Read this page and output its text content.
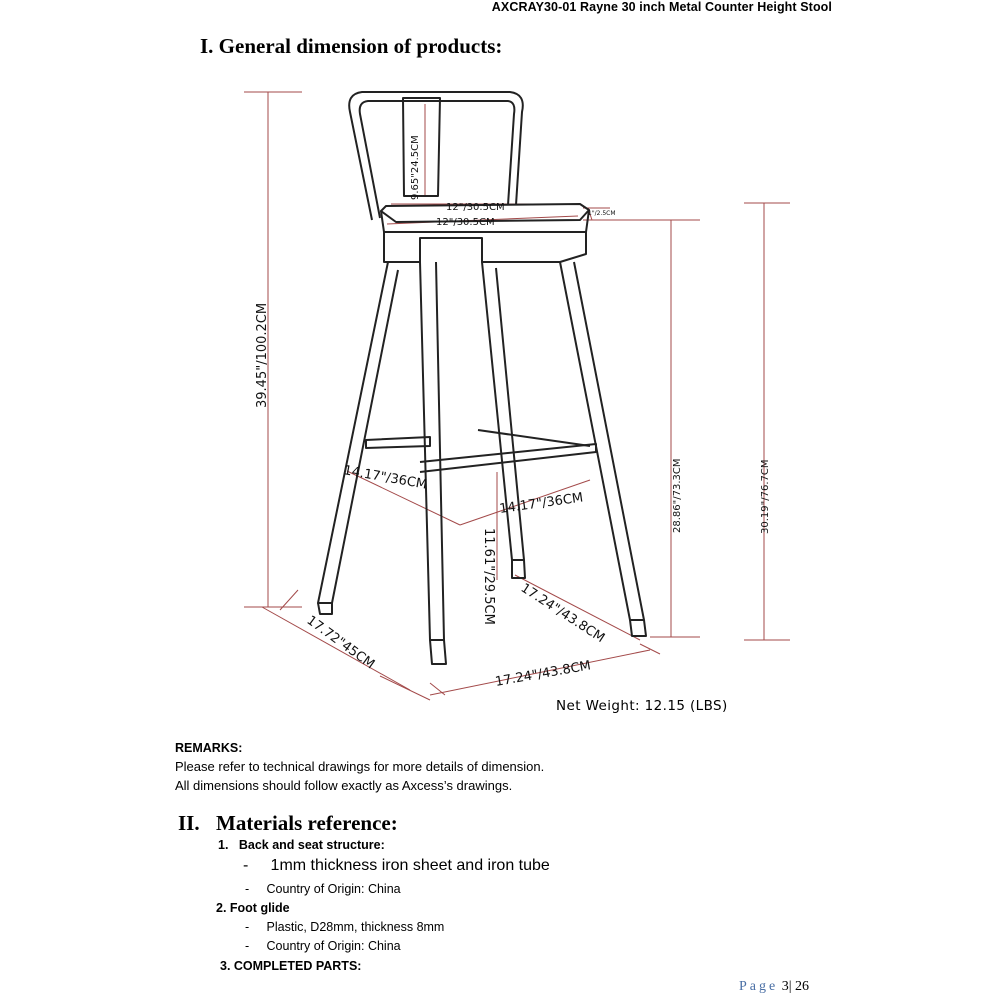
AXCRAY30-01 Rayne 30 inch Metal Counter Height Stool
I. General dimension of products:
9.65"24.5CM
12"/30.5CM
12"/30.5CM
1"/2.5CM
39.45"/100.2CM
28.86"/73.3CM	30.19"/76.7CM
14.17"/36CM
14.17"/36CM
11.61"/29.5CM
17.72"45CM	17.24"/43.8CM
17.24"/43.8CM
Net Weight: 12.15 (LBS)
REMARKS:
Please refer to technical drawings for more details of dimension.
All dimensions should follow exactly as Axcess’s drawings.
II. Materials reference:
1.   Back and seat structure:
-     1mm thickness iron sheet and iron tube
-     Country of Origin: China
2. Foot glide
-     Plastic, D28mm, thickness 8mm
-     Country of Origin: China
3. COMPLETED PARTS:
Page 3| 26
